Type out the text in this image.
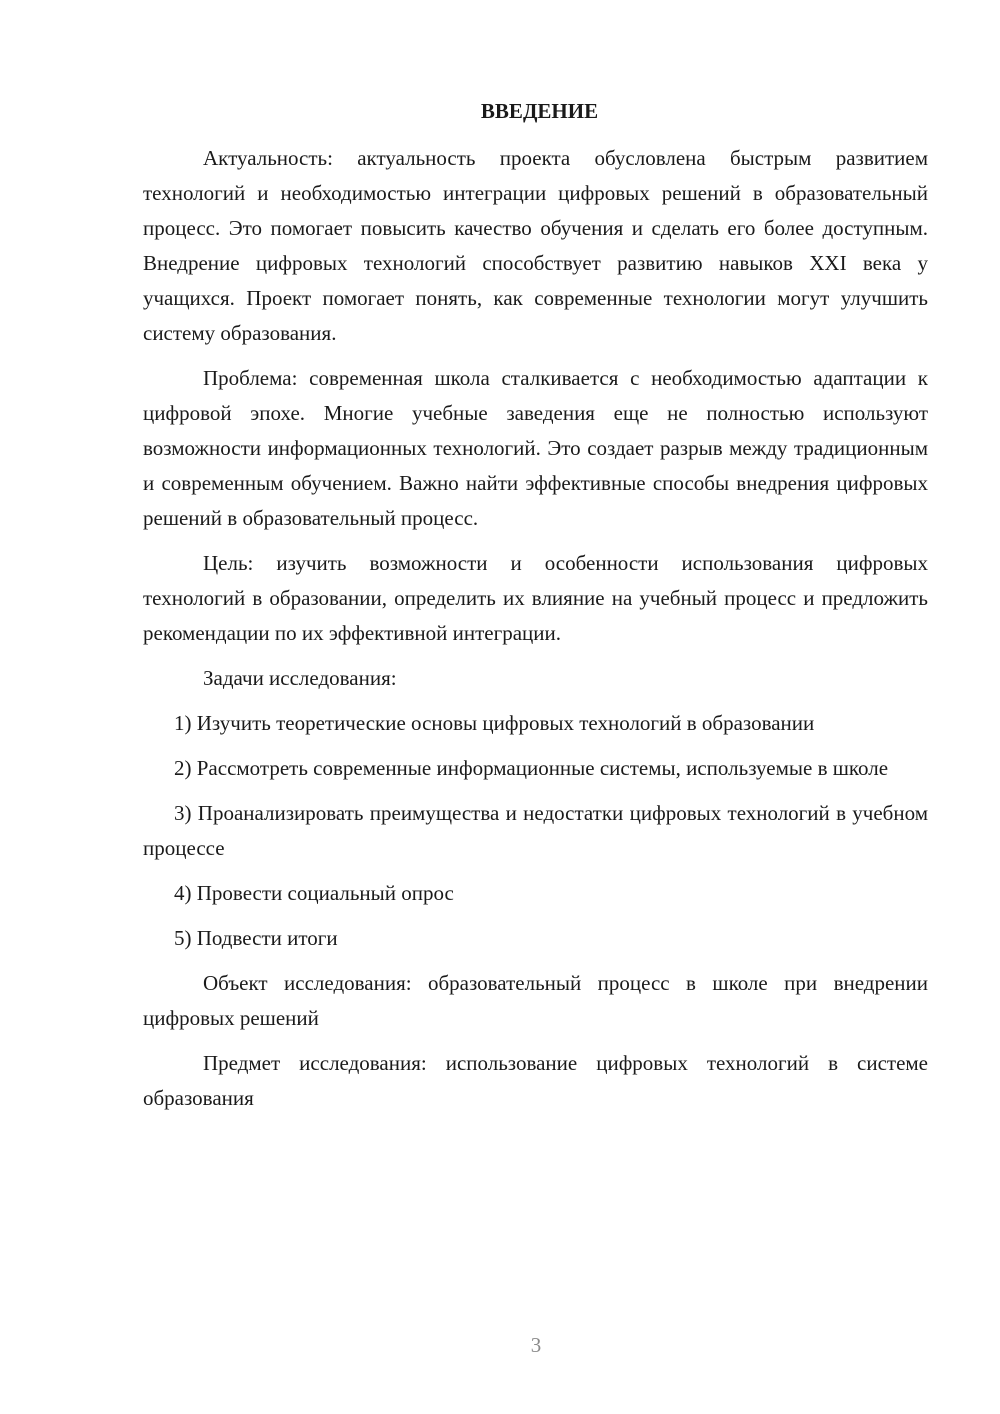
ВВЕДЕНИЕ

Актуальность: актуальность проекта обусловлена быстрым развитием технологий и необходимостью интеграции цифровых решений в образовательный процесс. Это помогает повысить качество обучения и сделать его более доступным. Внедрение цифровых технологий способствует развитию навыков XXI века у учащихся. Проект помогает понять, как современные технологии могут улучшить систему образования.

Проблема: современная школа сталкивается с необходимостью адаптации к цифровой эпохе. Многие учебные заведения еще не полностью используют возможности информационных технологий. Это создает разрыв между традиционным и современным обучением. Важно найти эффективные способы внедрения цифровых решений в образовательный процесс.

Цель: изучить возможности и особенности использования цифровых технологий в образовании, определить их влияние на учебный процесс и предложить рекомендации по их эффективной интеграции.

Задачи исследования:

1) Изучить теоретические основы цифровых технологий в образовании

2) Рассмотреть современные информационные системы, используемые в школе

3) Проанализировать преимущества и недостатки цифровых технологий в учебном процессе

4) Провести социальный опрос

5) Подвести итоги

Объект исследования: образовательный процесс в школе при внедрении цифровых решений

Предмет исследования: использование цифровых технологий в системе образования

3
